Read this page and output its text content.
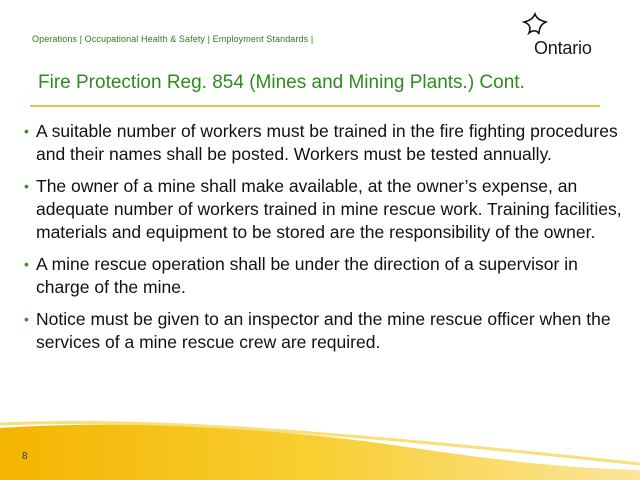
Operations | Occupational Health & Safety | Employment Standards |	Ontario
Fire Protection Reg. 854 (Mines and Mining Plants.) Cont.
• A suitable number of workers must be trained in the fire fighting procedures and their names shall be posted. Workers must be tested annually.
• The owner of a mine shall make available, at the owner’s expense, an adequate number of workers trained in mine rescue work. Training facilities, materials and equipment to be stored are the responsibility of the owner.
• A mine rescue operation shall be under the direction of a supervisor in charge of the mine.
• Notice must be given to an inspector and the mine rescue officer when the services of a mine rescue crew are required.
8
